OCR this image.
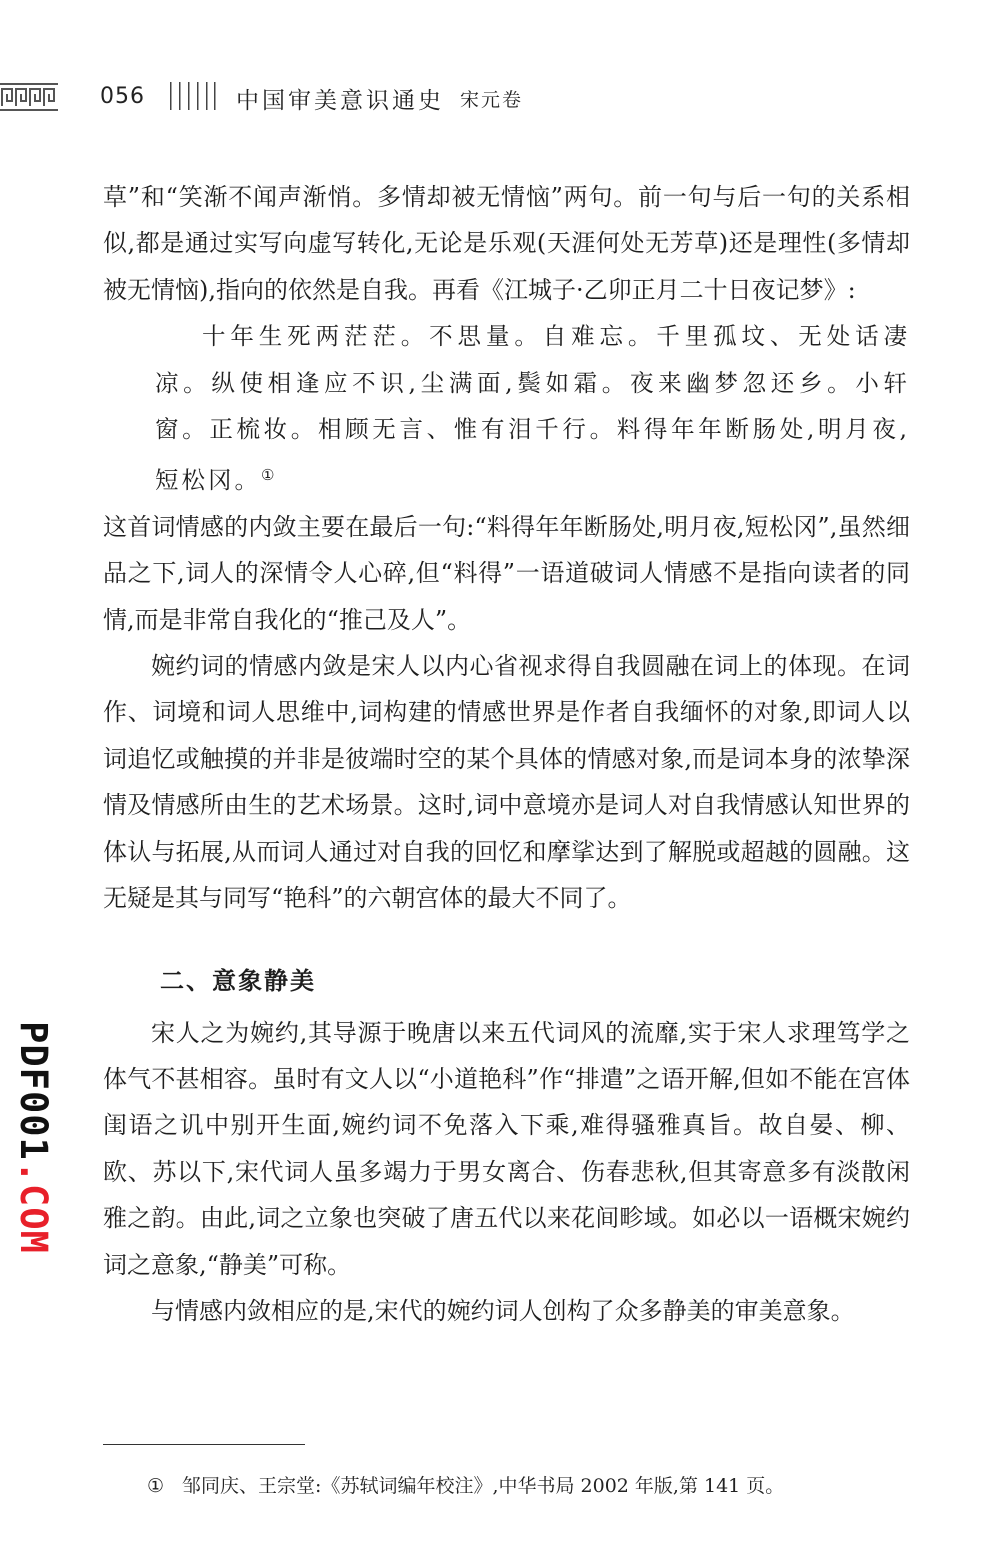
056	中国审美意识通史 宋元卷

草”和“笑渐不闻声渐悄。多情却被无情恼”两句。前一句与后一句的关系相似,都是通过实写向虚写转化,无论是乐观(天涯何处无芳草)还是理性(多情却被无情恼),指向的依然是自我。再看《江城子·乙卯正月二十日夜记梦》:

十年生死两茫茫。不思量。自难忘。千里孤坟、无处话凄凉。纵使相逢应不识,尘满面,鬓如霜。夜来幽梦忽还乡。小轩窗。正梳妆。相顾无言、惟有泪千行。料得年年断肠处,明月夜,短松冈。①

这首词情感的内敛主要在最后一句:“料得年年断肠处,明月夜,短松冈”,虽然细品之下,词人的深情令人心碎,但“料得”一语道破词人情感不是指向读者的同情,而是非常自我化的“推己及人”。

婉约词的情感内敛是宋人以内心省视求得自我圆融在词上的体现。在词作、词境和词人思维中,词构建的情感世界是作者自我缅怀的对象,即词人以词追忆或触摸的并非是彼端时空的某个具体的情感对象,而是词本身的浓挚深情及情感所由生的艺术场景。这时,词中意境亦是词人对自我情感认知世界的体认与拓展,从而词人通过对自我的回忆和摩挲达到了解脱或超越的圆融。这无疑是其与同写“艳科”的六朝宫体的最大不同了。

二、意象静美

宋人之为婉约,其导源于晚唐以来五代词风的流靡,实于宋人求理笃学之体气不甚相容。虽时有文人以“小道艳科”作“排遣”之语开解,但如不能在宫体闺语之讥中别开生面,婉约词不免落入下乘,难得骚雅真旨。故自晏、柳、欧、苏以下,宋代词人虽多竭力于男女离合、伤春悲秋,但其寄意多有淡散闲雅之韵。由此,词之立象也突破了唐五代以来花间畛域。如必以一语概宋婉约词之意象,“静美”可称。

与情感内敛相应的是,宋代的婉约词人创构了众多静美的审美意象。

① 邹同庆、王宗堂:《苏轼词编年校注》,中华书局 2002 年版,第 141 页。
PDF001.COM
